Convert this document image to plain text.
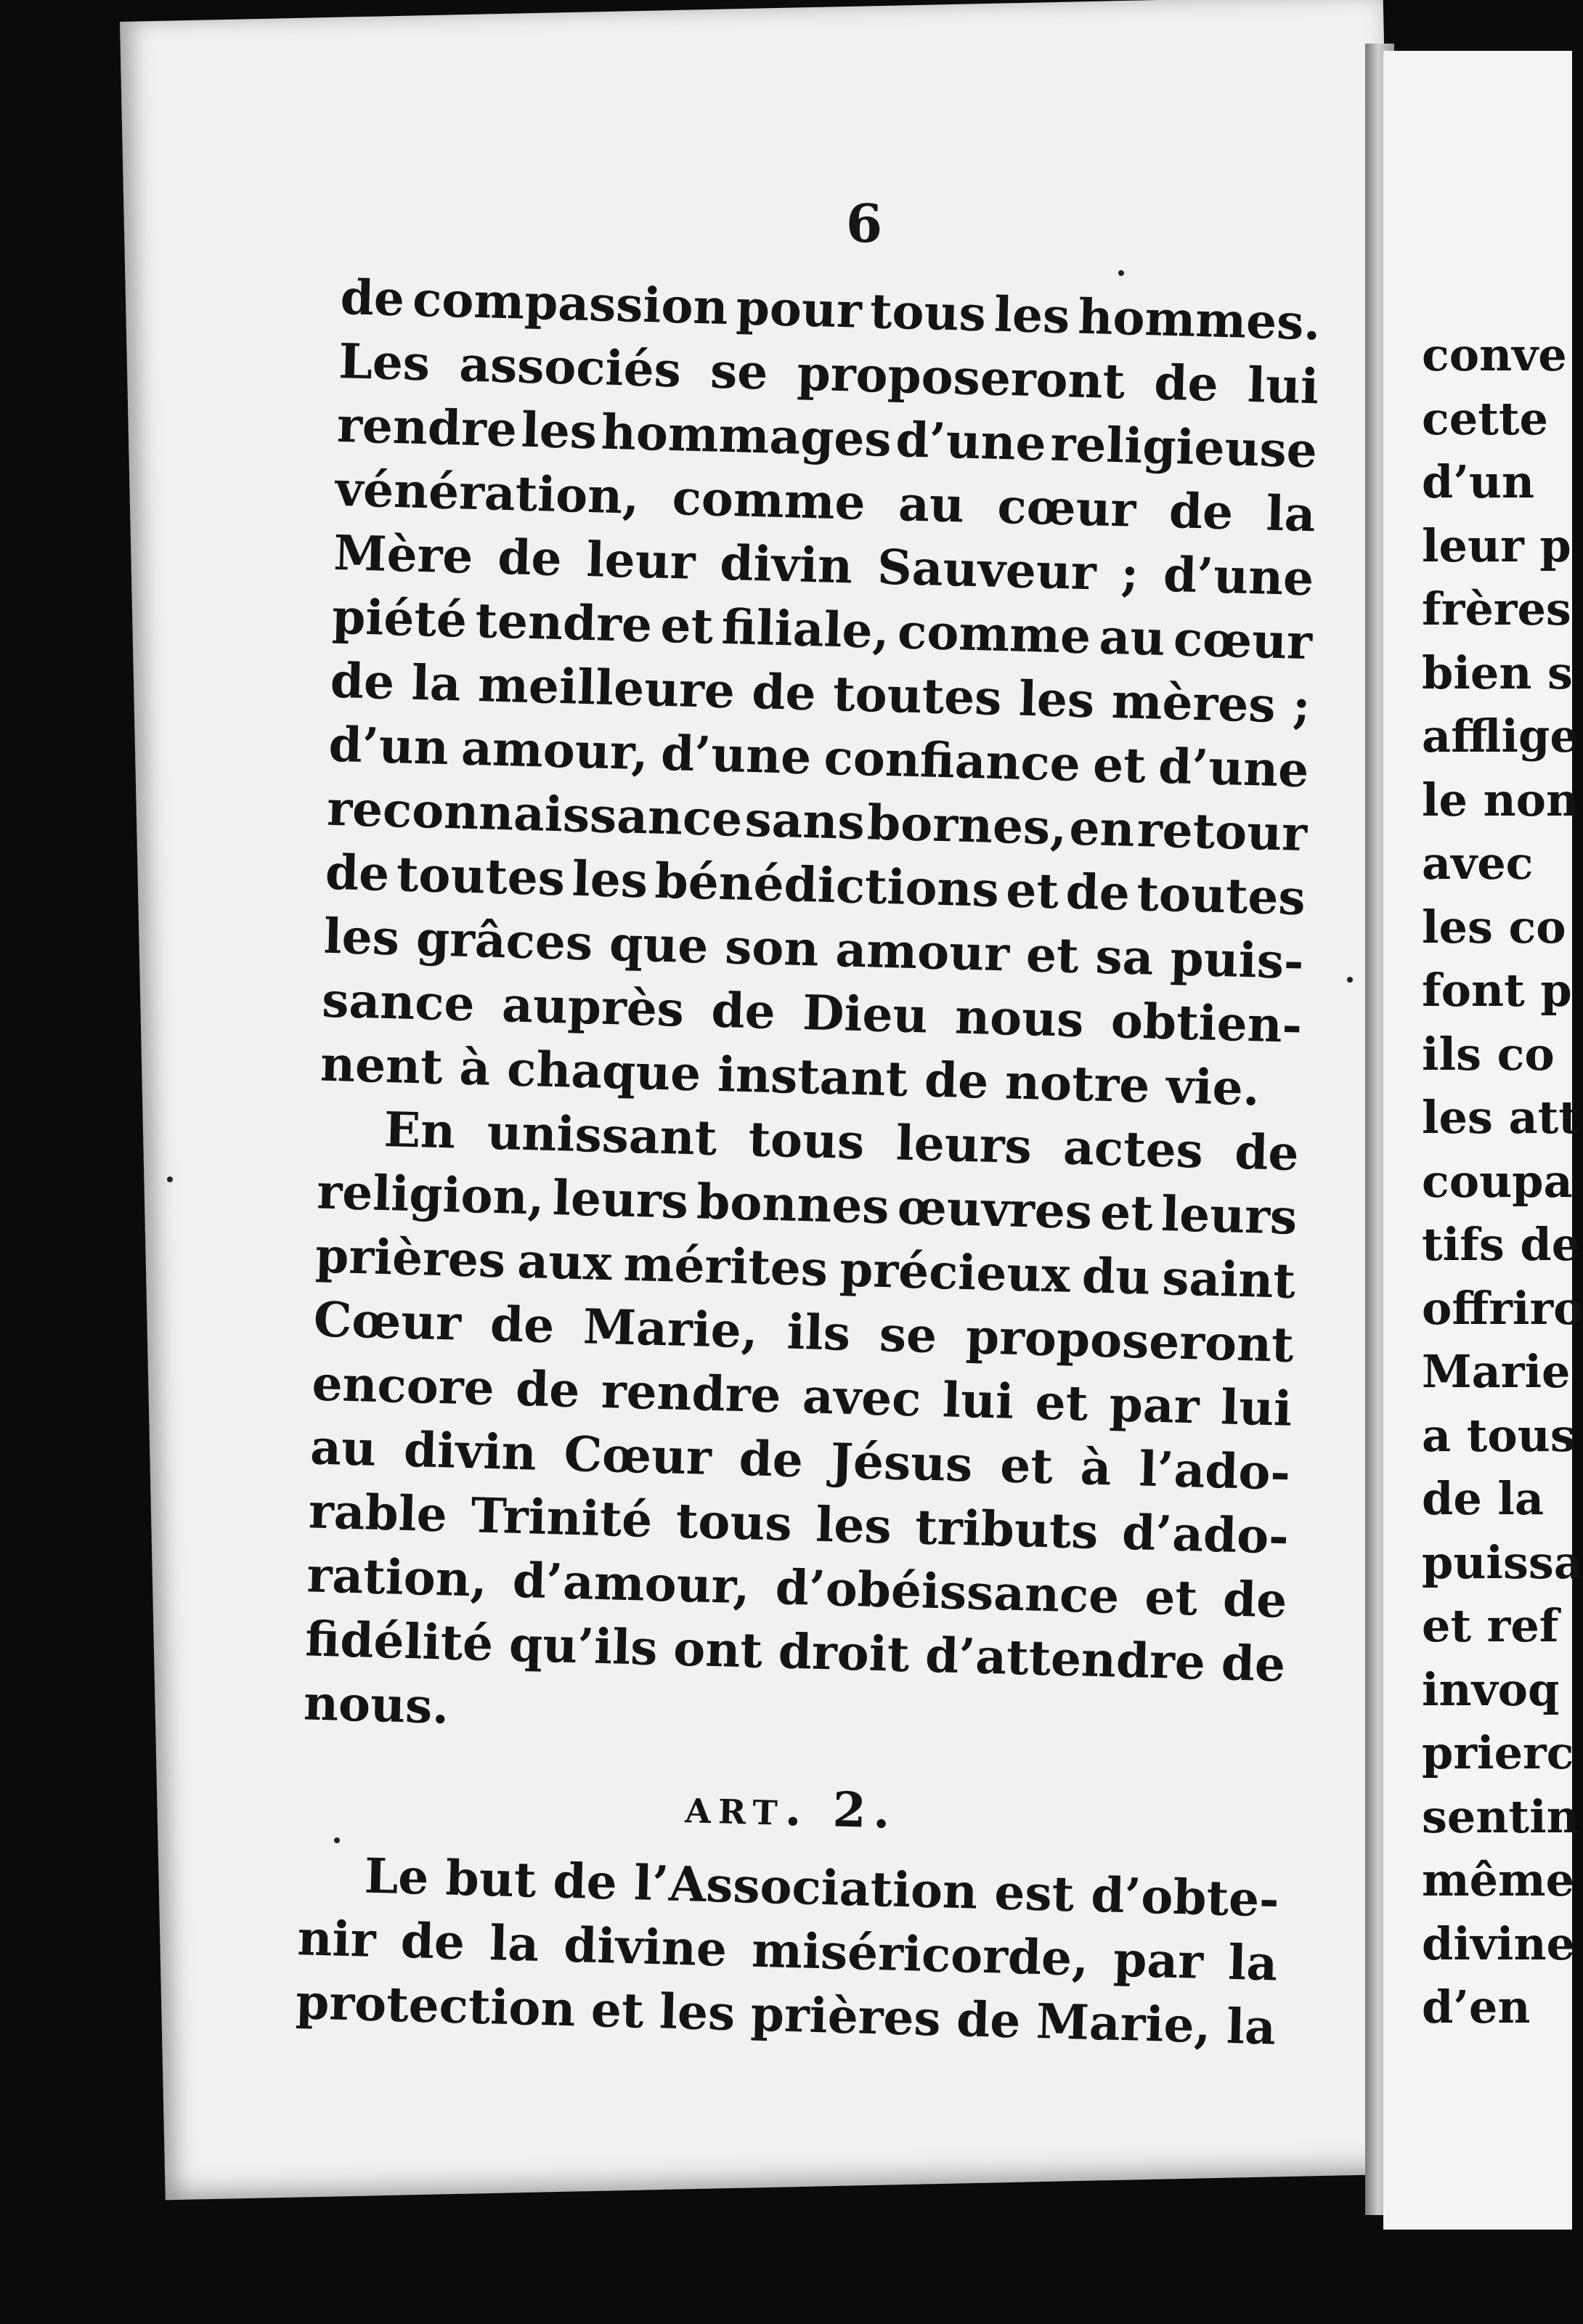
6
de compassion pour tous les hommes.
Les associés se proposeront de lui
rendre les hommages d’une religieuse
vénération, comme au cœur de la
Mère de leur divin Sauveur ; d’une
piété tendre et filiale, comme au cœur
de la meilleure de toutes les mères ;
d’un amour, d’une confiance et d’une
reconnaissance sans bornes, en retour
de toutes les bénédictions et de toutes
les grâces que son amour et sa puis-
sance auprès de Dieu nous obtien-
nent à chaque instant de notre vie.
En unissant tous leurs actes de
religion, leurs bonnes œuvres et leurs
prières aux mérites précieux du saint
Cœur de Marie, ils se proposeront
encore de rendre avec lui et par lui
au divin Cœur de Jésus et à l’ado-
rable Trinité tous les tributs d’ado-
ration, d’amour, d’obéissance et de
fidélité qu’ils ont droit d’attendre de
nous.
art. 2.
Le but de l’Association est d’obte-
nir de la divine miséricorde, par la
protection et les prières de Marie, la
conve
cette
d’un
leur p
frères
bien s
afflige
le non
avec
les co
font p
ils co
les att
coupa
tifs de
offriro
Marie
a tous
de la
puissa
et ref
invoq
prierc
sentin
même
divine
d’en
